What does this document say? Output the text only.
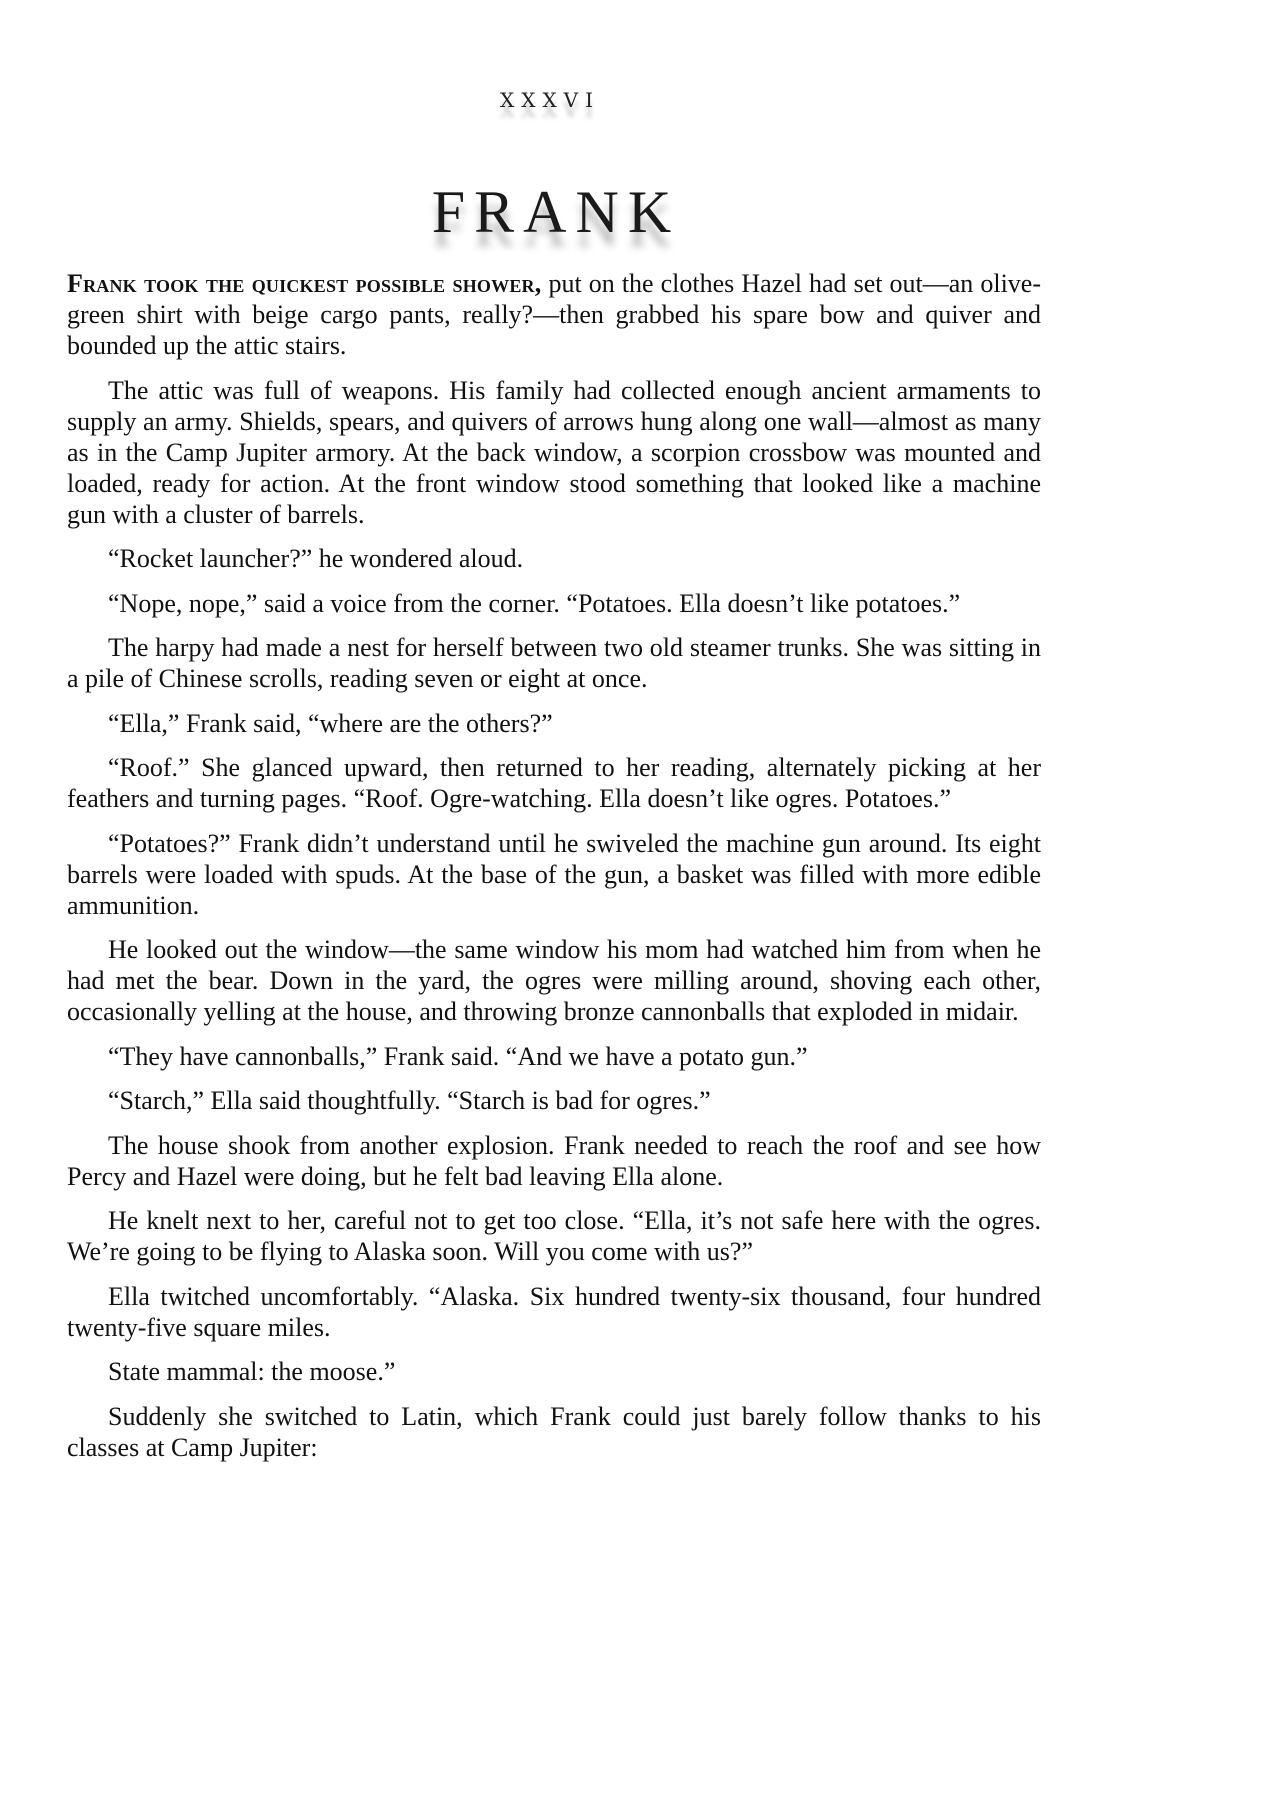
XXXVI
FRANK

Frank took the quickest possible shower, put on the clothes Hazel had set out—an olive-green shirt with beige cargo pants, really?—then grabbed his spare bow and quiver and bounded up the attic stairs.

The attic was full of weapons. His family had collected enough ancient armaments to supply an army. Shields, spears, and quivers of arrows hung along one wall—almost as many as in the Camp Jupiter armory. At the back window, a scorpion crossbow was mounted and loaded, ready for action. At the front window stood something that looked like a machine gun with a cluster of barrels.

“Rocket launcher?” he wondered aloud.

“Nope, nope,” said a voice from the corner. “Potatoes. Ella doesn’t like potatoes.”

The harpy had made a nest for herself between two old steamer trunks. She was sitting in a pile of Chinese scrolls, reading seven or eight at once.

“Ella,” Frank said, “where are the others?”

“Roof.” She glanced upward, then returned to her reading, alternately picking at her feathers and turning pages. “Roof. Ogre-watching. Ella doesn’t like ogres. Potatoes.”

“Potatoes?” Frank didn’t understand until he swiveled the machine gun around. Its eight barrels were loaded with spuds. At the base of the gun, a basket was filled with more edible ammunition.

He looked out the window—the same window his mom had watched him from when he had met the bear. Down in the yard, the ogres were milling around, shoving each other, occasionally yelling at the house, and throwing bronze cannonballs that exploded in midair.

“They have cannonballs,” Frank said. “And we have a potato gun.”

“Starch,” Ella said thoughtfully. “Starch is bad for ogres.”

The house shook from another explosion. Frank needed to reach the roof and see how Percy and Hazel were doing, but he felt bad leaving Ella alone.

He knelt next to her, careful not to get too close. “Ella, it’s not safe here with the ogres. We’re going to be flying to Alaska soon. Will you come with us?”

Ella twitched uncomfortably. “Alaska. Six hundred twenty-six thousand, four hundred twenty-five square miles.

State mammal: the moose.”

Suddenly she switched to Latin, which Frank could just barely follow thanks to his classes at Camp Jupiter:
